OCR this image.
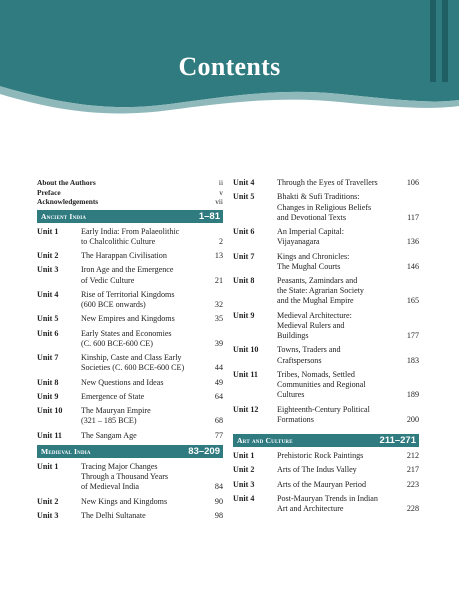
Contents
About the Authors	ii
Preface	v
Acknowledgements	vii
Ancient India	1–81
Unit 1	Early India: From Palaeolithic
to Chalcolithic Culture	2
Unit 2	The Harappan Civilisation	13
Unit 3	Iron Age and the Emergence
of Vedic Culture	21
Unit 4	Rise of Territorial Kingdoms
(600 BCE onwards)	32
Unit 5	New Empires and Kingdoms	35
Unit 6	Early States and Economies
(C. 600 BCE-600 CE)	39
Unit 7	Kinship, Caste and Class Early
Societies (C. 600 BCE-600 CE)	44
Unit 8	New Questions and Ideas	49
Unit 9	Emergence of State	64
Unit 10	The Mauryan Empire
(321 – 185 BCE)	68
Unit 11	The Sangam Age	77
Medieval India	83–209
Unit 1	Tracing Major Changes
Through a Thousand Years
of Medieval India	84
Unit 2	New Kings and Kingdoms	90
Unit 3	The Delhi Sultanate	98
Unit 4	Through the Eyes of Travellers	106
Unit 5	Bhakti & Sufi Traditions:
Changes in Religious Beliefs
and Devotional Texts	117
Unit 6	An Imperial Capital:
Vijayanagara	136
Unit 7	Kings and Chronicles:
The Mughal Courts	146
Unit 8	Peasants, Zamindars and
the State: Agrarian Society
and the Mughal Empire	165
Unit 9	Medieval Architecture:
Medieval Rulers and
Buildings	177
Unit 10	Towns, Traders and
Craftspersons	183
Unit 11	Tribes, Nomads, Settled
Communities and Regional
Cultures	189
Unit 12	Eighteenth-Century Political
Formations	200
Art and Culture	211–271
Unit 1	Prehistoric Rock Paintings	212
Unit 2	Arts of The Indus Valley	217
Unit 3	Arts of the Mauryan Period	223
Unit 4	Post-Mauryan Trends in Indian
Art and Architecture	228
